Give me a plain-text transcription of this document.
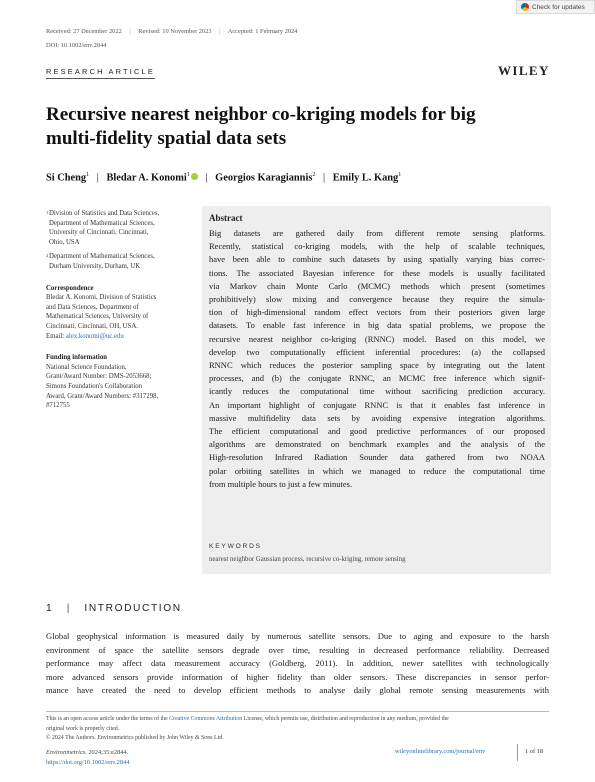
Received: 27 December 2022 | Revised: 10 November 2023 | Accepted: 1 February 2024
DOI: 10.1002/env.2844
Check for updates
RESEARCH ARTICLE	WILEY
Recursive nearest neighbor co-kriging models for big
multi-fidelity spatial data sets
Si Cheng$^1$ | Bledar A. Konomi$^1$ | Georgios Karagiannis$^2$ | Emily L. Kang$^1$
1 Division of Statistics and Data Sciences,

Department of Mathematical Sciences,

University of Cincinnati, Cincinnati,

Ohio, USA

2 Department of Mathematical Sciences,

Durham University, Durham, UK

Correspondence

Bledar A. Konomi, Division of Statistics

and Data Sciences, Department of

Mathematical Sciences, University of

Cincinnati, Cincinnati, OH, USA.

Email: alex.konomi@uc.edu

Funding information

National Science Foundation,

Grant/Award Number: DMS-2053668;

Simons Foundation's Collaboration

Award, Grant/Award Numbers: #317298,

#712755

Abstract
Big datasets are gathered daily from different remote sensing platforms.
Recently, statistical co-kriging models, with the help of scalable techniques,
have been able to combine such datasets by using spatially varying bias correc-
tions. The associated Bayesian inference for these models is usually facilitated
via Markov chain Monte Carlo (MCMC) methods which present (sometimes
prohibitively) slow mixing and convergence because they require the simula-
tion of high-dimensional random effect vectors from their posteriors given large
datasets. To enable fast inference in big data spatial problems, we propose the
recursive nearest neighbor co-kriging (RNNC) model. Based on this model, we
develop two computationally efficient inferential procedures: (a) the collapsed
RNNC which reduces the posterior sampling space by integrating out the latent
processes, and (b) the conjugate RNNC, an MCMC free inference which signif-
icantly reduces the computational time without sacrificing prediction accuracy.
An important highlight of conjugate RNNC is that it enables fast inference in
massive multifidelity data sets by avoiding expensive integration algorithms.
The efficient computational and good predictive performances of our proposed
algorithms are demonstrated on benchmark examples and the analysis of the
High-resolution Infrared Radiation Sounder data gathered from two NOAA
polar orbiting satellites in which we managed to reduce the computational time
from multiple hours to just a few minutes.
KEYWORDS
nearest neighbor Gaussian process, recursive co-kriging, remote sensing
1 | INTRODUCTION
Global geophysical information is measured daily by numerous satellite sensors. Due to aging and exposure to the harsh
environment of space the satellite sensors degrade over time, resulting in decreased performance reliability. Decreased
performance may affect data measurement accuracy (Goldberg, 2011). In addition, newer satellites with technologically
more advanced sensors provide information of higher fidelity than older sensors. These discrepancies in sensor perfor-
mance have created the need to develop efficient methods to analyse daily global remote sensing measurements with
This is an open access article under the terms of the Creative Commons Attribution License, which permits use, distribution and reproduction in any medium, provided the
original work is properly cited.
© 2024 The Authors. Environmetrics published by John Wiley & Sons Ltd.
Environmetrics. 2024;35:e2844.
https://doi.org/10.1002/env.2844
wileyonlinelibrary.com/journal/env	1 of 18
